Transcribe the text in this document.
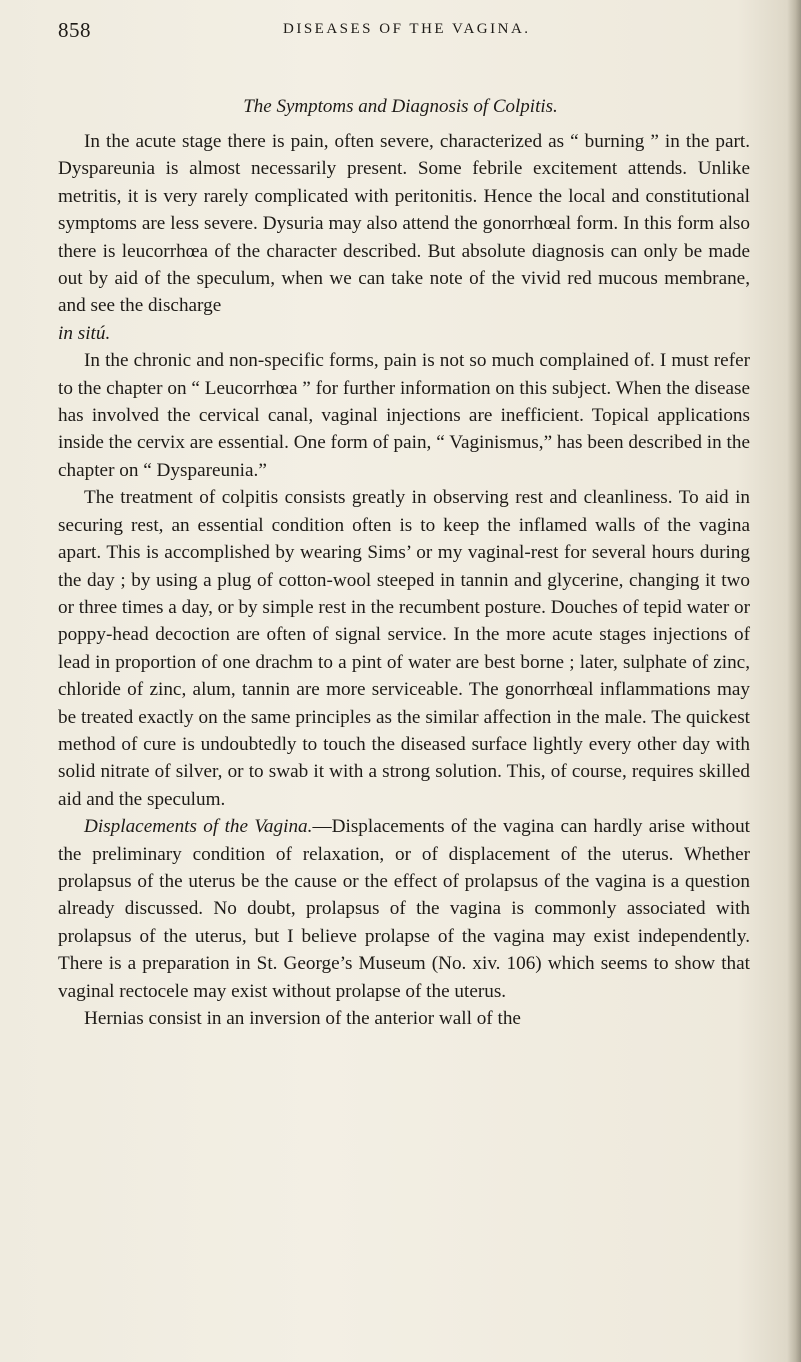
858	DISEASES OF THE VAGINA.
The Symptoms and Diagnosis of Colpitis.

In the acute stage there is pain, often severe, characterized as “ burning ” in the part. Dyspareunia is almost necessarily present. Some febrile excitement attends. Unlike metritis, it is very rarely complicated with peritonitis. Hence the local and constitutional symptoms are less severe. Dysuria may also attend the gonorrhœal form. In this form also there is leucorrhœa of the character described. But absolute diagnosis can only be made out by aid of the speculum, when we can take note of the vivid red mucous membrane, and see the discharge

in sitú.

In the chronic and non-specific forms, pain is not so much complained of. I must refer to the chapter on “ Leucorrhœa ” for further information on this subject. When the disease has involved the cervical canal, vaginal injections are inefficient. Topical applications inside the cervix are essential. One form of pain, “ Vaginismus,” has been described in the chapter on “ Dyspareunia.”

The treatment of colpitis consists greatly in observing rest and cleanliness. To aid in securing rest, an essential condition often is to keep the inflamed walls of the vagina apart. This is accomplished by wearing Sims’ or my vaginal-rest for several hours during the day ; by using a plug of cotton-wool steeped in tannin and glycerine, changing it two or three times a day, or by simple rest in the recumbent posture. Douches of tepid water or poppy-head decoction are often of signal service. In the more acute stages injections of lead in proportion of one drachm to a pint of water are best borne ; later, sulphate of zinc, chloride of zinc, alum, tannin are more serviceable. The gonorrhœal inflammations may be treated exactly on the same principles as the similar affection in the male. The quickest method of cure is undoubtedly to touch the diseased surface lightly every other day with solid nitrate of silver, or to swab it with a strong solution. This, of course, requires skilled aid and the speculum.

Displacements of the Vagina.—Displacements of the vagina can hardly arise without the preliminary condition of relaxation, or of displacement of the uterus. Whether prolapsus of the uterus be the cause or the effect of prolapsus of the vagina is a question already discussed. No doubt, prolapsus of the vagina is commonly associated with prolapsus of the uterus, but I believe prolapse of the vagina may exist independently. There is a preparation in St. George’s Museum (No. xiv. 106) which seems to show that vaginal rectocele may exist without prolapse of the uterus.

Hernias consist in an inversion of the anterior wall of the
